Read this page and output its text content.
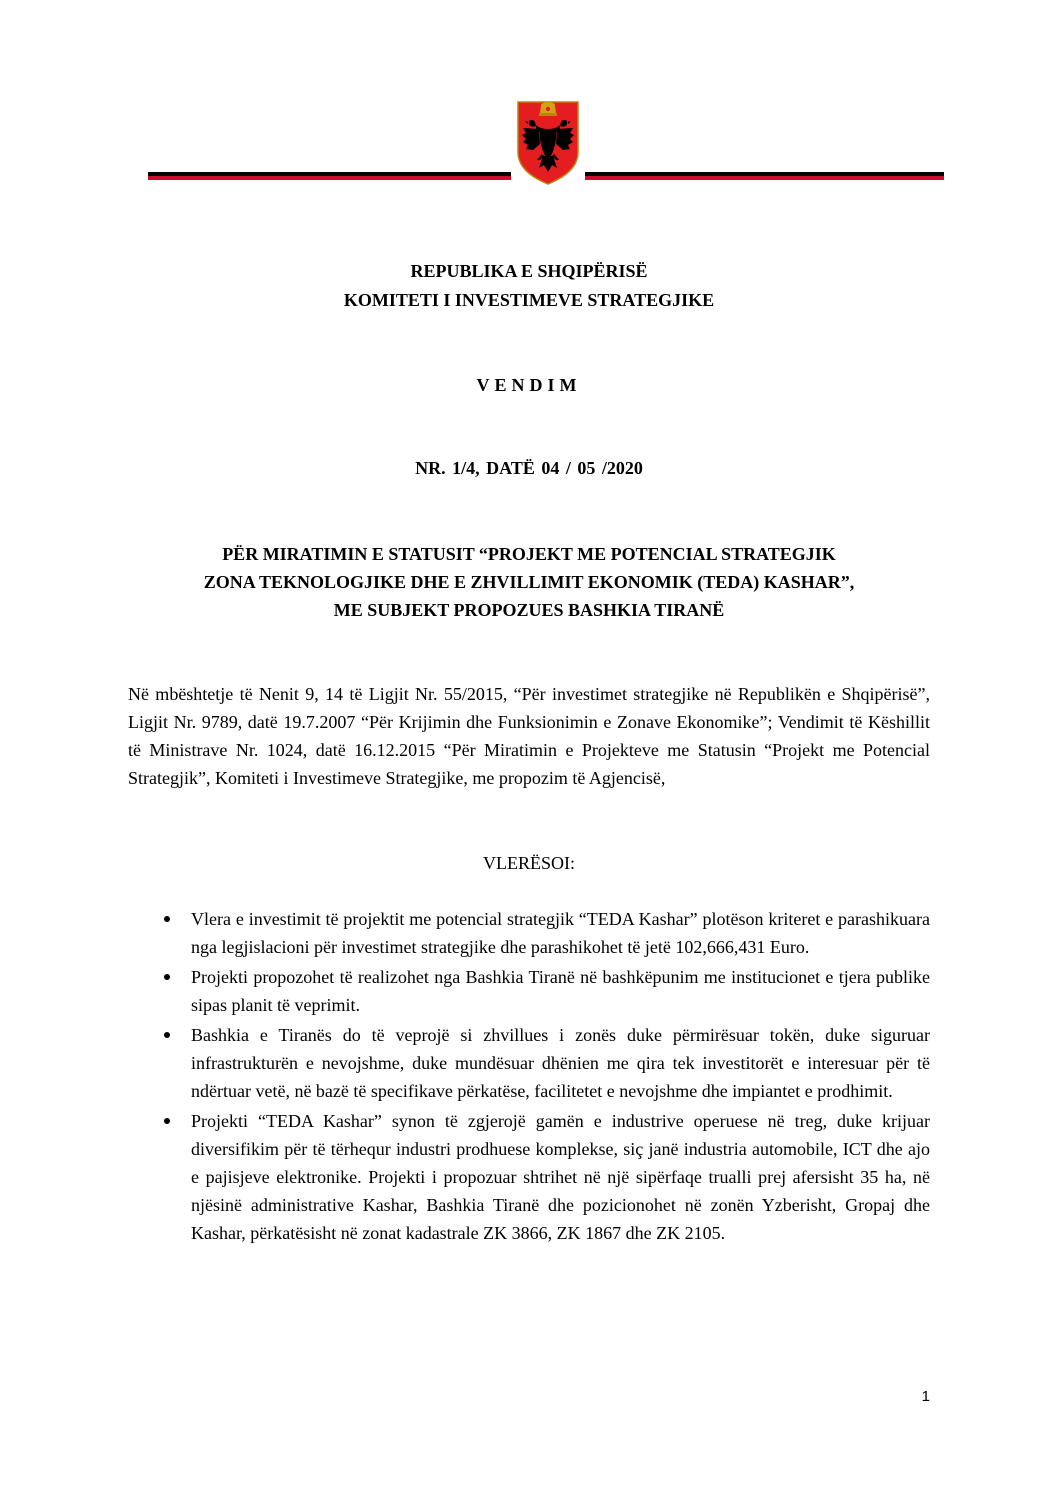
REPUBLIKA E SHQIPËRISË
KOMITETI I INVESTIMEVE STRATEGJIKE
VENDIM
NR. 1/4, DATË 04 / 05 /2020
PËR MIRATIMIN E STATUSIT “PROJEKT ME POTENCIAL STRATEGJIK
ZONA TEKNOLOGJIKE DHE E ZHVILLIMIT EKONOMIK (TEDA) KASHAR”,
ME SUBJEKT PROPOZUES BASHKIA TIRANË
Në mbështetje të Nenit 9, 14 të Ligjit Nr. 55/2015, “Për investimet strategjike në Republikën e Shqipërisë”, Ligjit Nr. 9789, datë 19.7.2007 “Për Krijimin dhe Funksionimin e Zonave Ekonomike”; Vendimit të Këshillit të Ministrave Nr. 1024, datë 16.12.2015 “Për Miratimin e Projekteve me Statusin “Projekt me Potencial Strategjik”, Komiteti i Investimeve Strategjike, me propozim të Agjencisë,
VLERËSOI:
Vlera e investimit të projektit me potencial strategjik “TEDA Kashar” plotëson kriteret e parashikuara nga legjislacioni për investimet strategjike dhe parashikohet të jetë 102,666,431 Euro.
Projekti propozohet të realizohet nga Bashkia Tiranë në bashkëpunim me institucionet e tjera publike sipas planit të veprimit.
Bashkia e Tiranës do të veprojë si zhvillues i zonës duke përmirësuar tokën, duke siguruar infrastrukturën e nevojshme, duke mundësuar dhënien me qira tek investitorët e interesuar për të ndërtuar vetë, në bazë të specifikave përkatëse, facilitetet e nevojshme dhe impiantet e prodhimit.
Projekti “TEDA Kashar” synon të zgjerojë gamën e industrive operuese në treg, duke krijuar diversifikim për të tërhequr industri prodhuese komplekse, siç janë industria automobile, ICT dhe ajo e pajisjeve elektronike. Projekti i propozuar shtrihet në një sipërfaqe trualli prej afersisht 35 ha, në njësinë administrative Kashar, Bashkia Tiranë dhe pozicionohet në zonën Yzberisht, Gropaj dhe Kashar, përkatësisht në zonat kadastrale ZK 3866, ZK 1867 dhe ZK 2105.
1
